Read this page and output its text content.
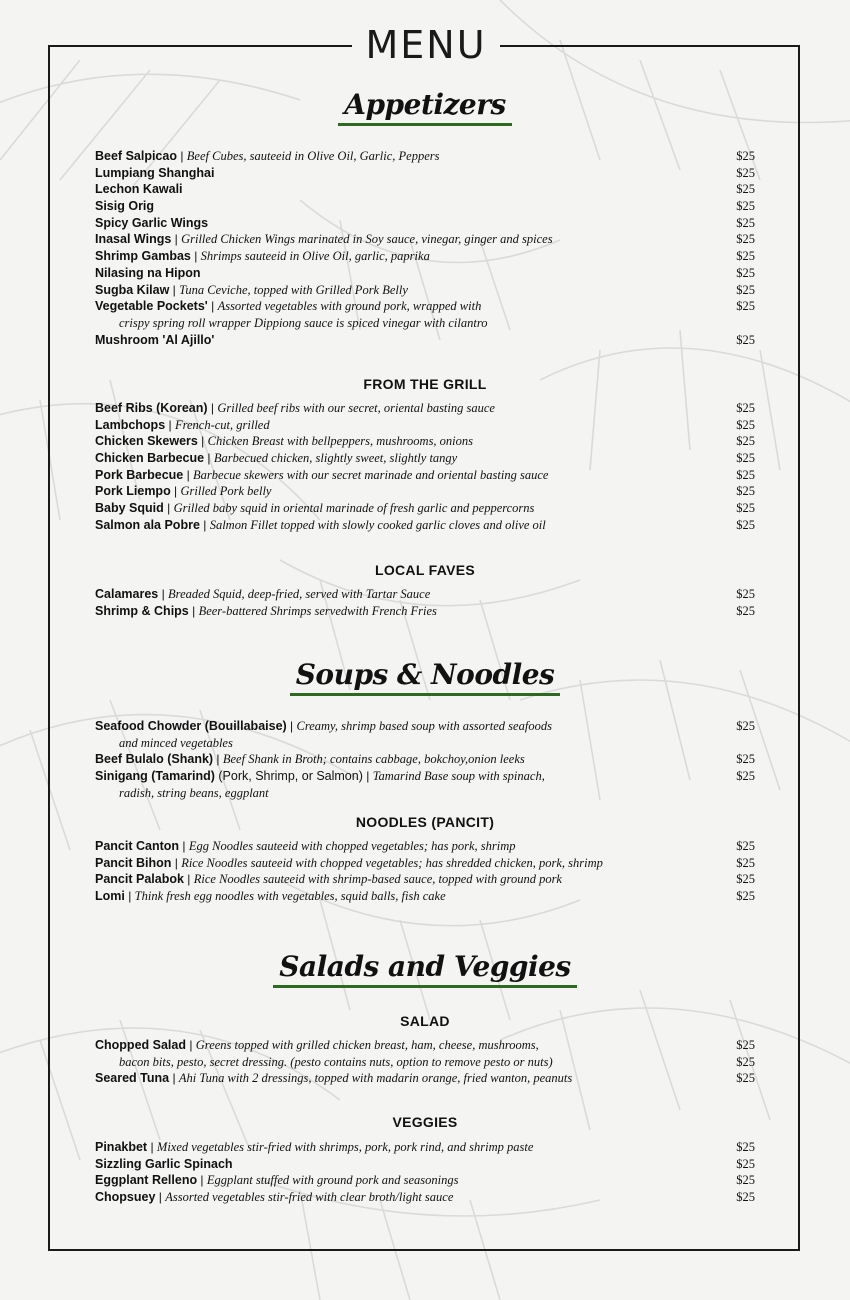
MENU
Appetizers
Beef Salpicao | Beef Cubes, sauteeid in Olive Oil, Garlic, Peppers	$25
Lumpiang Shanghai	$25
Lechon Kawali	$25
Sisig Orig	$25
Spicy Garlic Wings	$25
Inasal Wings | Grilled Chicken Wings marinated in Soy sauce, vinegar, ginger and spices	$25
Shrimp Gambas | Shrimps sauteeid in Olive Oil, garlic, paprika	$25
Nilasing na Hipon	$25
Sugba Kilaw | Tuna Ceviche, topped with Grilled Pork Belly	$25
Vegetable Pockets' | Assorted vegetables with ground pork, wrapped with	$25
crispy spring roll wrapper Dippiong sauce is spiced vinegar with cilantro
Mushroom 'Al Ajillo'	$25
FROM THE GRILL
Beef Ribs (Korean) | Grilled beef ribs with our secret, oriental basting sauce	$25
Lambchops | French-cut, grilled	$25
Chicken Skewers | Chicken Breast with bellpeppers, mushrooms, onions	$25
Chicken Barbecue | Barbecued chicken, slightly sweet, slightly tangy	$25
Pork Barbecue | Barbecue skewers with our secret marinade and oriental basting sauce	$25
Pork Liempo | Grilled Pork belly	$25
Baby Squid | Grilled baby squid in oriental marinade of fresh garlic and peppercorns	$25
Salmon ala Pobre | Salmon Fillet topped with slowly cooked garlic cloves and olive oil	$25
LOCAL FAVES
Calamares | Breaded Squid, deep-fried, served with Tartar Sauce	$25
Shrimp & Chips | Beer-battered Shrimps servedwith French Fries	$25
Soups & Noodles
Seafood Chowder (Bouillabaise) | Creamy, shrimp based soup with assorted seafoods	$25
and minced vegetables
Beef Bulalo (Shank) | Beef Shank in Broth; contains cabbage, bokchoy,onion leeks	$25
Sinigang (Tamarind) (Pork, Shrimp, or Salmon) | Tamarind Base soup with spinach,	$25
radish, string beans, eggplant
NOODLES (PANCIT)
Pancit Canton | Egg Noodles sauteeid with chopped vegetables; has pork, shrimp	$25
Pancit Bihon | Rice Noodles sauteeid with chopped vegetables; has shredded chicken, pork, shrimp	$25
Pancit Palabok | Rice Noodles sauteeid with shrimp-based sauce, topped with ground pork	$25
Lomi | Think fresh egg noodles with vegetables, squid balls, fish cake	$25
Salads and Veggies
SALAD
Chopped Salad | Greens topped with grilled chicken breast, ham, cheese, mushrooms,	$25
bacon bits, pesto, secret dressing. (pesto contains nuts, option to remove pesto or nuts)	$25
Seared Tuna | Ahi Tuna with 2 dressings, topped with madarin orange, fried wanton, peanuts	$25
VEGGIES
Pinakbet | Mixed vegetables stir-fried with shrimps, pork, pork rind, and shrimp paste	$25
Sizzling Garlic Spinach	$25
Eggplant Relleno | Eggplant stuffed with ground pork and seasonings	$25
Chopsuey | Assorted vegetables stir-fried with clear broth/light sauce	$25
